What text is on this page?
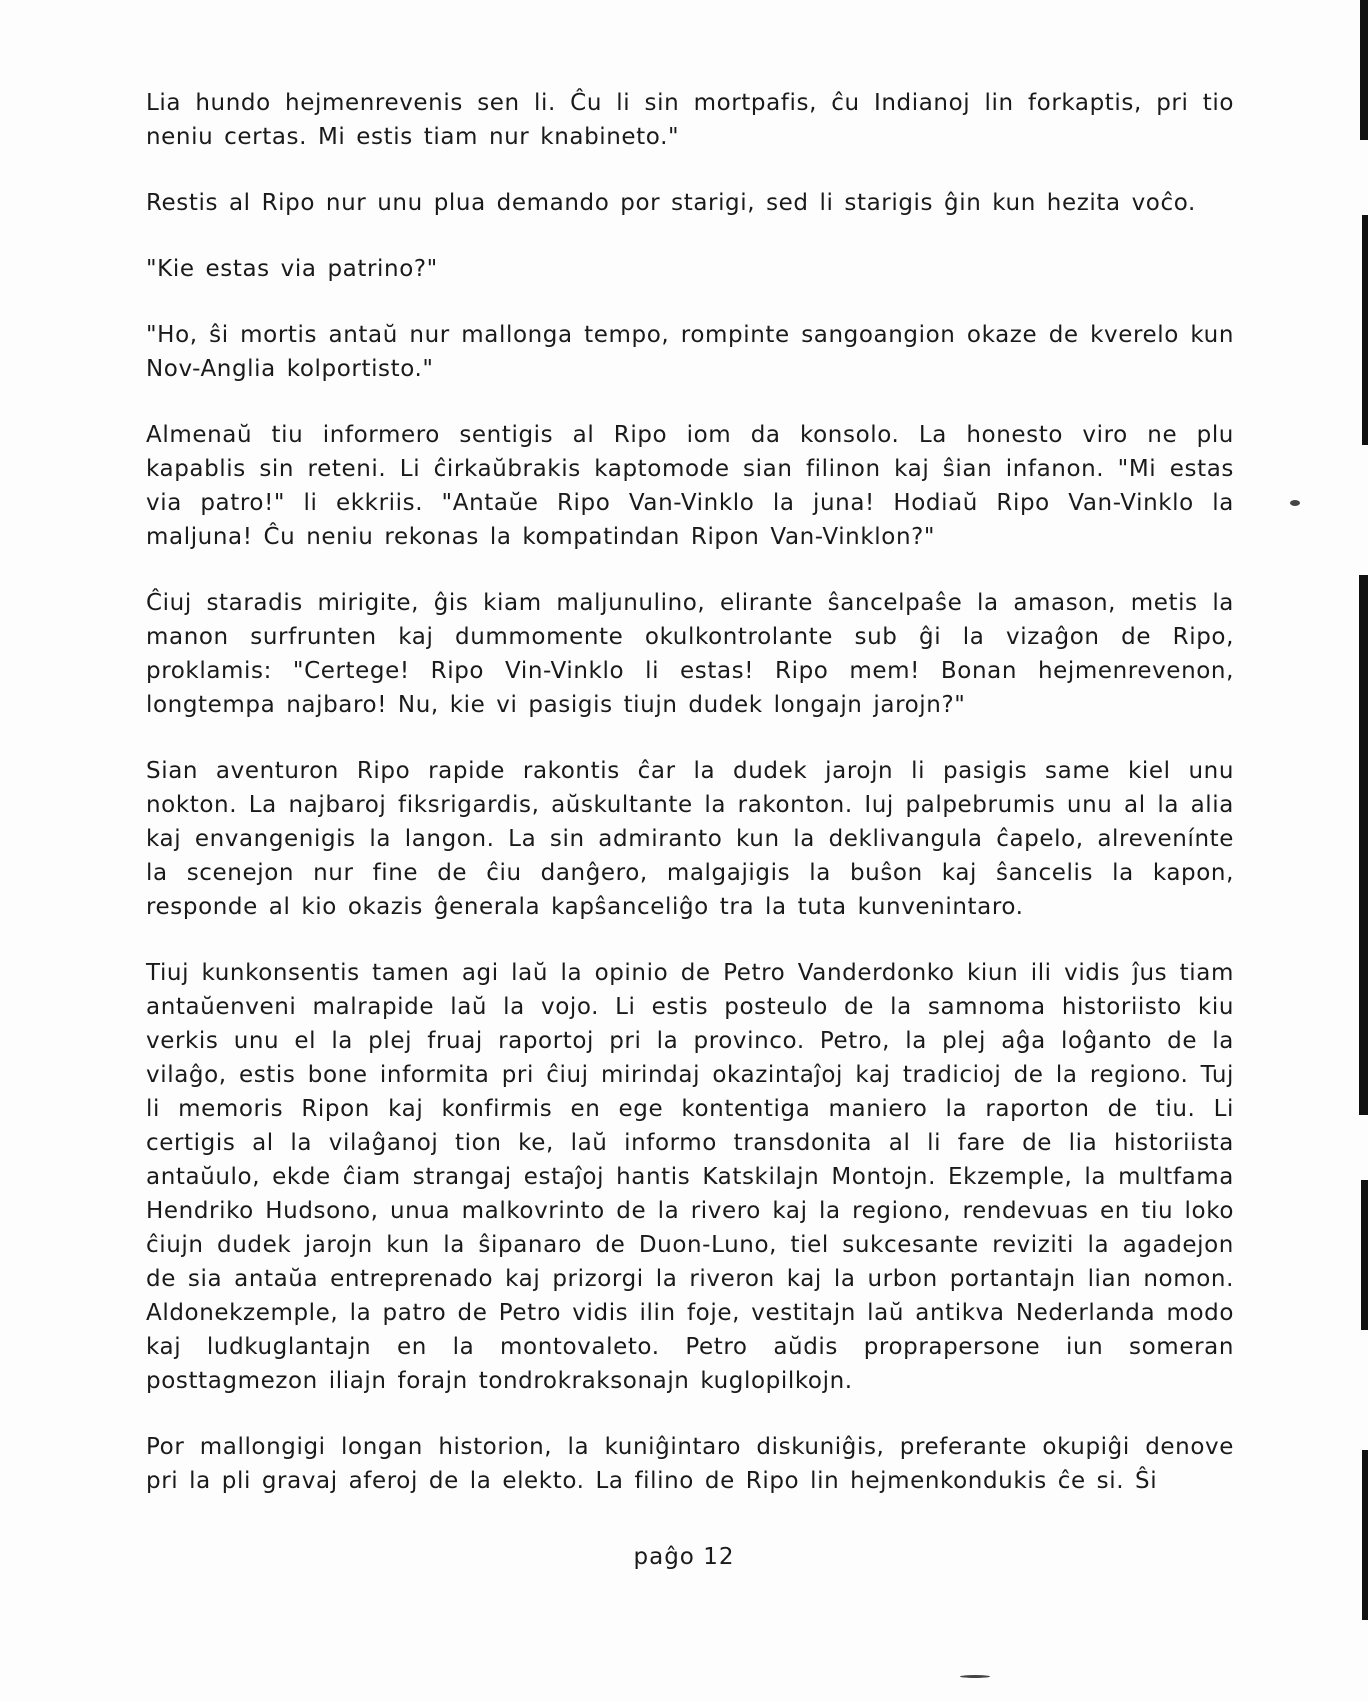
Lia hundo hejmenrevenis sen li. Ĉu li sin mortpafis, ĉu Indianoj lin forkaptis, pri tio neniu certas. Mi estis tiam nur knabineto."

Restis al Ripo nur unu plua demando por starigi, sed li starigis ĝin kun hezita voĉo.

"Kie estas via patrino?"

"Ho, ŝi mortis antaŭ nur mallonga tempo, rompinte sangoangion okaze de kverelo kun Nov-Anglia kolportisto."

Almenaŭ tiu informero sentigis al Ripo iom da konsolo. La honesto viro ne plu kapablis sin reteni. Li ĉirkaŭbrakis kaptomode sian filinon kaj ŝian infanon. "Mi estas via patro!" li ekkriis. "Antaŭe Ripo Van-Vinklo la juna! Hodiaŭ Ripo Van-Vinklo la maljuna! Ĉu neniu rekonas la kompatindan Ripon Van-Vinklon?"

Ĉiuj staradis mirigite, ĝis kiam maljunulino, elirante ŝancelpaŝe la amason, metis la manon surfrunten kaj dummomente okulkontrolante sub ĝi la vizaĝon de Ripo, proklamis: "Certege! Ripo Vin-Vinklo li estas! Ripo mem! Bonan hejmenrevenon, longtempa najbaro! Nu, kie vi pasigis tiujn dudek longajn jarojn?"

Sian aventuron Ripo rapide rakontis ĉar la dudek jarojn li pasigis same kiel unu nokton. La najbaroj fiksrigardis, aŭskultante la rakonton. Iuj palpebrumis unu al la alia kaj envangenigis la langon. La sin admiranto kun la deklivangula ĉapelo, alrevenínte la scenejon nur fine de ĉiu danĝero, malgajigis la buŝon kaj ŝancelis la kapon, responde al kio okazis ĝenerala kapŝanceliĝo tra la tuta kunvenintaro.

Tiuj kunkonsentis tamen agi laŭ la opinio de Petro Vanderdonko kiun ili vidis ĵus tiam antaŭenveni malrapide laŭ la vojo. Li estis posteulo de la samnoma historiisto kiu verkis unu el la plej fruaj raportoj pri la provinco. Petro, la plej aĝa loĝanto de la vilaĝo, estis bone informita pri ĉiuj mirindaj okazintaĵoj kaj tradicioj de la regiono. Tuj li memoris Ripon kaj konfirmis en ege kontentiga maniero la raporton de tiu. Li certigis al la vilaĝanoj tion ke, laŭ informo transdonita al li fare de lia historiista antaŭulo, ekde ĉiam strangaj estaĵoj hantis Katskilajn Montojn. Ekzemple, la multfama Hendriko Hudsono, unua malkovrinto de la rivero kaj la regiono, rendevuas en tiu loko ĉiujn dudek jarojn kun la ŝipanaro de Duon-Luno, tiel sukcesante reviziti la agadejon de sia antaŭa entreprenado kaj prizorgi la riveron kaj la urbon portantajn lian nomon. Aldonekzemple, la patro de Petro vidis ilin foje, vestitajn laŭ antikva Nederlanda modo kaj ludkuglantajn en la montovaleto. Petro aŭdis proprapersone iun someran posttagmezon iliajn forajn tondrokraksonajn kuglopilkojn.

Por mallongigi longan historion, la kuniĝintaro diskuniĝis, preferante okupiĝi denove pri la pli gravaj aferoj de la elekto. La filino de Ripo lin hejmenkondukis ĉe si. Ŝi

paĝo 12
